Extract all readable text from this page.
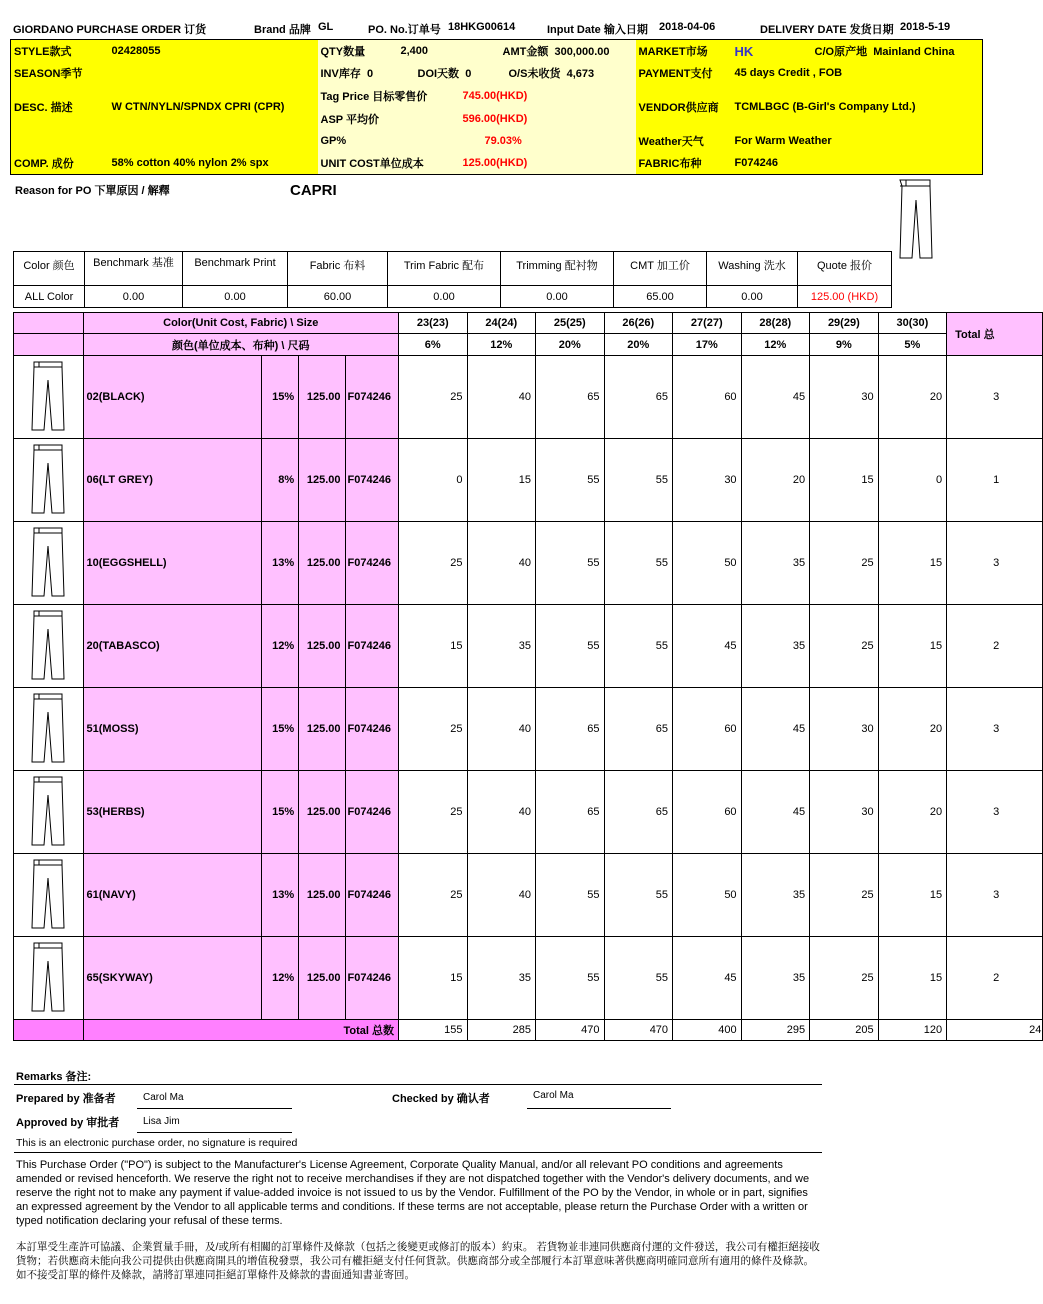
GIORDANO PURCHASE ORDER 订货	Brand 品牌 GL	PO. No.订单号 18HKG00614	Input Date 输入日期 2018-04-06	DELIVERY DATE 发货日期 2018-5-19
STYLE款式	02428055	QTY数量	2,400	AMT金额 300,000.00		MARKET市场	HK	C/O原产地 Mainland China
SEASON季节		INV库存 0	DOI天数 0		O/S未收货 4,673	PAYMENT支付	45 days Credit , FOB	
DESC. 描述	W CTN/NYLN/SPNDX CPRI (CPR)	Tag Price 目标零售价		745.00(HKD)		VENDOR供应商	TCMLBGC (B-Girl's Company Ltd.)	
		ASP 平均价		596.00(HKD)				
		GP%		79.03%		Weather天气	For Warm Weather	
COMP. 成份	58% cotton 40% nylon 2% spx	UNIT COST单位成本		125.00(HKD)		FABRIC布种	F074246	
Reason for PO 下單原因 / 解釋	CAPRI
Color 颜色	Benchmark 基准	Benchmark Print	Fabric 布料	Trim Fabric 配布	Trimming 配衬物	CMT 加工价	Washing 洗水	Quote 报价
ALL Color	0.00	0.00	60.00	0.00	0.00	65.00	0.00	125.00 (HKD)
	Color(Unit Cost, Fabric) \ Size				23(23)	24(24)	25(25)	26(26)	27(27)	28(28)	29(29)	30(30)	Total 总
	颜色(单位成本、布种) \ 尺码				6%	12%	20%	20%	17%	12%	9%	5%	

	02(BLACK)	15%	125.00	F074246	25	40	65	65	60	45	30	20	3

	06(LT GREY)	8%	125.00	F074246	0	15	55	55	30	20	15	0	1

	10(EGGSHELL)	13%	125.00	F074246	25	40	55	55	50	35	25	15	3

	20(TABASCO)	12%	125.00	F074246	15	35	55	55	45	35	25	15	2

	51(MOSS)	15%	125.00	F074246	25	40	65	65	60	45	30	20	3

	53(HERBS)	15%	125.00	F074246	25	40	65	65	60	45	30	20	3

	61(NAVY)	13%	125.00	F074246	25	40	55	55	50	35	25	15	3

	65(SKYWAY)	12%	125.00	F074246	15	35	55	55	45	35	25	15	2
	Total 总数				155	285	470	470	400	295	205	120	24
Remarks 备注:
Prepared by 准备者	Carol Ma	Checked by 确认者	Carol Ma
Approved by 审批者 Lisa Jim
This is an electronic purchase order, no signature is required
This Purchase Order ("PO") is subject to the Manufacturer's License Agreement, Corporate Quality Manual, and/or all relevant PO conditions and agreements amended or revised henceforth. We reserve the right not to receive merchandises if they are not dispatched together with the Vendor's delivery documents, and we reserve the right not to make any payment if value-added invoice is not issued to us by the Vendor. Fulfillment of the PO by the Vendor, in whole or in part, signifies an expressed agreement by the Vendor to all applicable terms and conditions. If these terms are not acceptable, please return the Purchase Order with a written or typed notification declaring your refusal of these terms.
本訂單受生產許可協議、企業質量手冊，及/或所有相關的訂單條件及條款（包括之後變更或修訂的版本）約束。 若貨物並非連同供應商付運的文件發送，我公司有權拒絕接收貨物；若供應商未能向我公司提供由供應商開具的增值稅發票，我公司有權拒絕支付任何貨款。供應商部分或全部履行本訂單意味著供應商明確同意所有適用的條件及條款。如不接受訂單的條件及條款，請將訂單連同拒絕訂單條件及條款的書面通知書並寄回。
